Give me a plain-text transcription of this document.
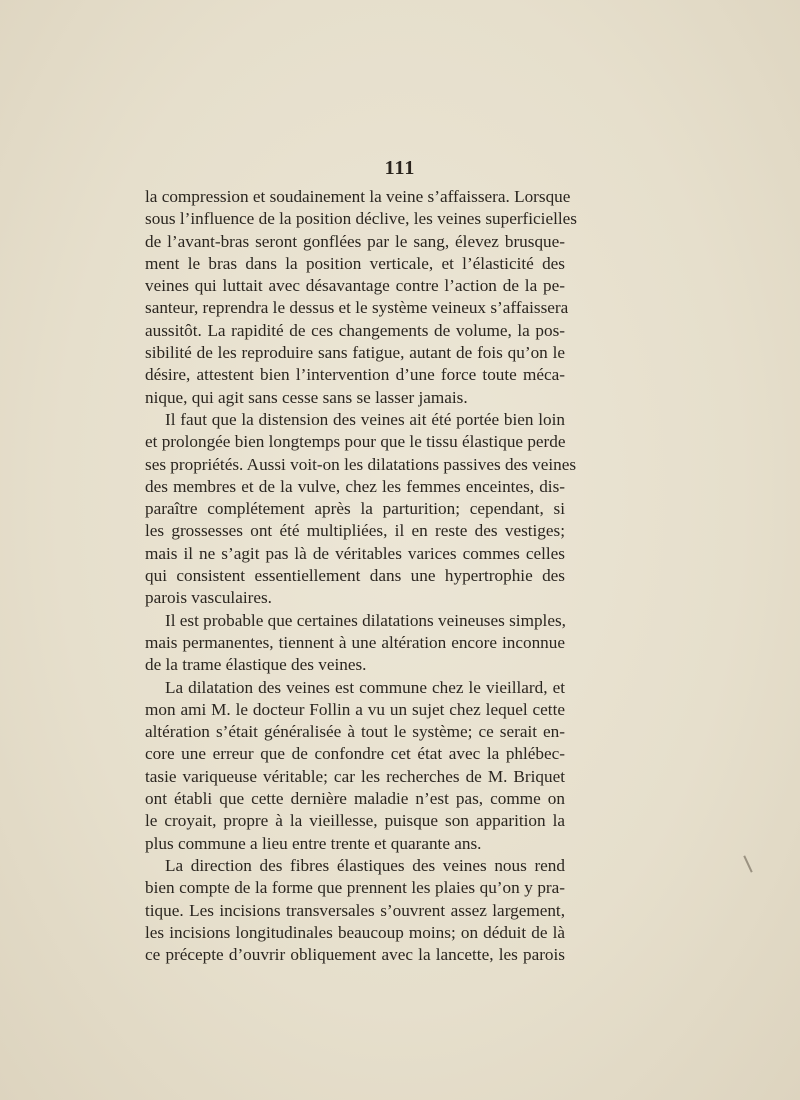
111
la compression et soudainement la veine s’affaissera. Lorsque
sous l’influence de la position déclive, les veines superficielles
de l’avant-bras seront gonflées par le sang, élevez brusque-
ment le bras dans la position verticale, et l’élasticité des
veines qui luttait avec désavantage contre l’action de la pe-
santeur, reprendra le dessus et le système veineux s’affaissera
aussitôt. La rapidité de ces changements de volume, la pos-
sibilité de les reproduire sans fatigue, autant de fois qu’on le
désire, attestent bien l’intervention d’une force toute méca-
nique, qui agit sans cesse sans se lasser jamais.
Il faut que la distension des veines ait été portée bien loin
et prolongée bien longtemps pour que le tissu élastique perde
ses propriétés. Aussi voit-on les dilatations passives des veines
des membres et de la vulve, chez les femmes enceintes, dis-
paraître complétement après la parturition; cependant, si
les grossesses ont été multipliées, il en reste des vestiges;
mais il ne s’agit pas là de véritables varices commes celles
qui consistent essentiellement dans une hypertrophie des
parois vasculaires.
Il est probable que certaines dilatations veineuses simples,
mais permanentes, tiennent à une altération encore inconnue
de la trame élastique des veines.
La dilatation des veines est commune chez le vieillard, et
mon ami M. le docteur Follin a vu un sujet chez lequel cette
altération s’était généralisée à tout le système; ce serait en-
core une erreur que de confondre cet état avec la phlébec-
tasie variqueuse véritable; car les recherches de M. Briquet
ont établi que cette dernière maladie n’est pas, comme on
le croyait, propre à la vieillesse, puisque son apparition la
plus commune a lieu entre trente et quarante ans.
La direction des fibres élastiques des veines nous rend
bien compte de la forme que prennent les plaies qu’on y pra-
tique. Les incisions transversales s’ouvrent assez largement,
les incisions longitudinales beaucoup moins; on déduit de là
ce précepte d’ouvrir obliquement avec la lancette, les parois
